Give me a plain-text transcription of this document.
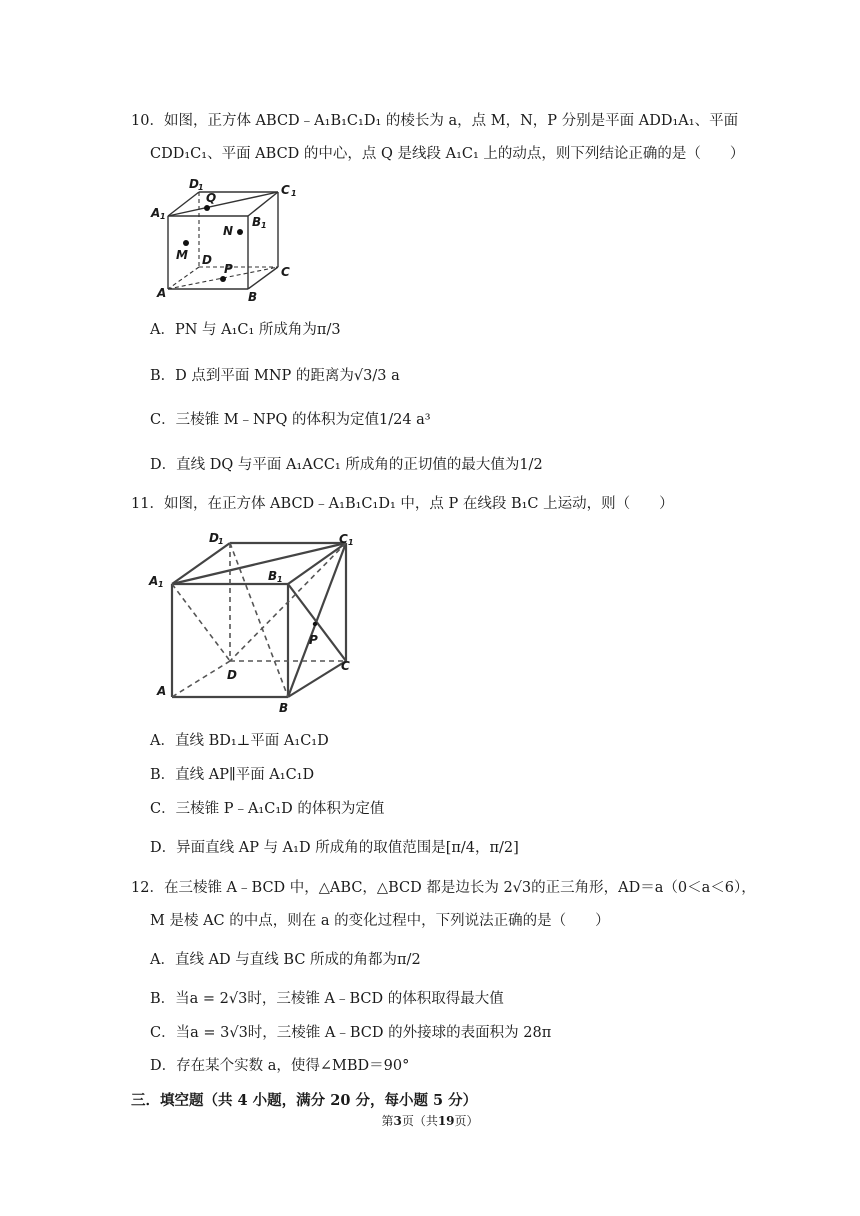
10．如图，正方体 ABCD﹣A₁B₁C₁D₁ 的棱长为 a，点 M，N，P 分别是平面 ADD₁A₁、平面
CDD₁C₁、平面 ABCD 的中心，点 Q 是线段 A₁C₁ 上的动点，则下列结论正确的是（　　）
D 1
Q
C 1
A 1	B 1
N
M D
P	C
A	B
A．PN 与 A₁C₁ 所成角为π/3
B．D 点到平面 MNP 的距离为√3/3 a
C．三棱锥 M﹣NPQ 的体积为定值1/24 a³
D．直线 DQ 与平面 A₁ACC₁ 所成角的正切值的最大值为1/2
11．如图，在正方体 ABCD﹣A₁B₁C₁D₁ 中，点 P 在线段 B₁C 上运动，则（　　）
D 1	C 1
A 1
B 1
P
D
C
A
B
A．直线 BD₁⊥平面 A₁C₁D
B．直线 AP∥平面 A₁C₁D
C．三棱锥 P﹣A₁C₁D 的体积为定值
D．异面直线 AP 与 A₁D 所成角的取值范围是[π/4，π/2]
12．在三棱锥 A﹣BCD 中，△ABC，△BCD 都是边长为 2√3的正三角形，AD＝a（0＜a＜6），
M 是棱 AC 的中点，则在 a 的变化过程中，下列说法正确的是（　　）
A．直线 AD 与直线 BC 所成的角都为π/2
B．当a = 2√3时，三棱锥 A﹣BCD 的体积取得最大值
C．当a = 3√3时，三棱锥 A﹣BCD 的外接球的表面积为 28π
D．存在某个实数 a，使得∠MBD＝90°
三．填空题（共 4 小题，满分 20 分，每小题 5 分）
第3页（共19页）
